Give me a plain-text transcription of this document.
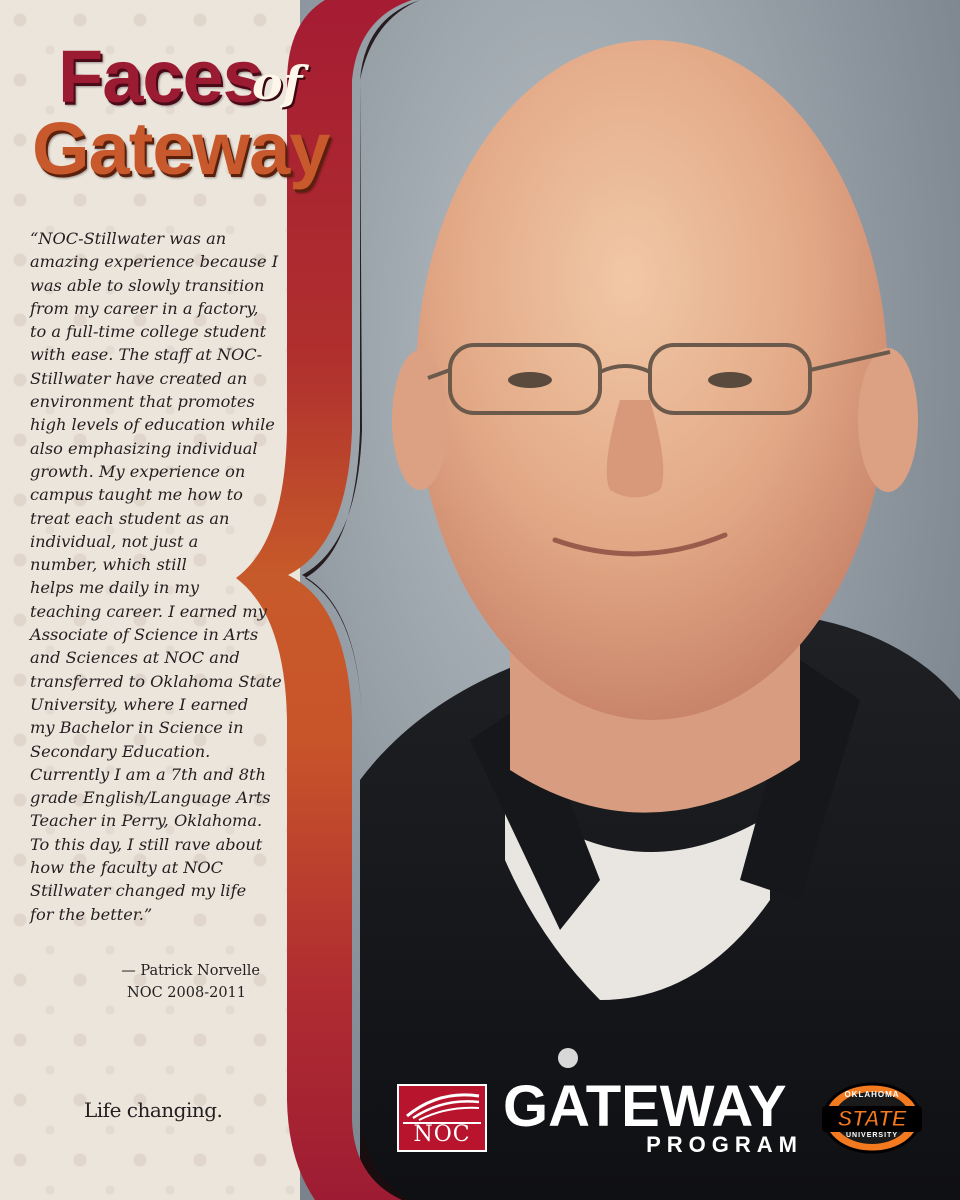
Faces
of
Gateway

“NOC-Stillwater was an
amazing experience because I
was able to slowly transition
from my career in a factory,
to a full-time college student
with ease. The staff at NOC-
Stillwater have created an
environment that promotes
high levels of education while
also emphasizing individual
growth. My experience on
campus taught me how to
treat each student as an
individual, not just a
number, which still
helps me daily in my
teaching career. I earned my
Associate of Science in Arts
and Sciences at NOC and
transferred to Oklahoma State
University, where I earned
my Bachelor in Science in
Secondary Education.
Currently I am a 7th and 8th
grade English/Language Arts
Teacher in Perry, Oklahoma.
To this day, I still rave about
how the faculty at NOC
Stillwater changed my life
for the better.”

— Patrick Norvelle
NOC 2008-2011
Life changing.
NOC GATEWAY
PROGRAM
OKLAHOMA
STATE
UNIVERSITY
